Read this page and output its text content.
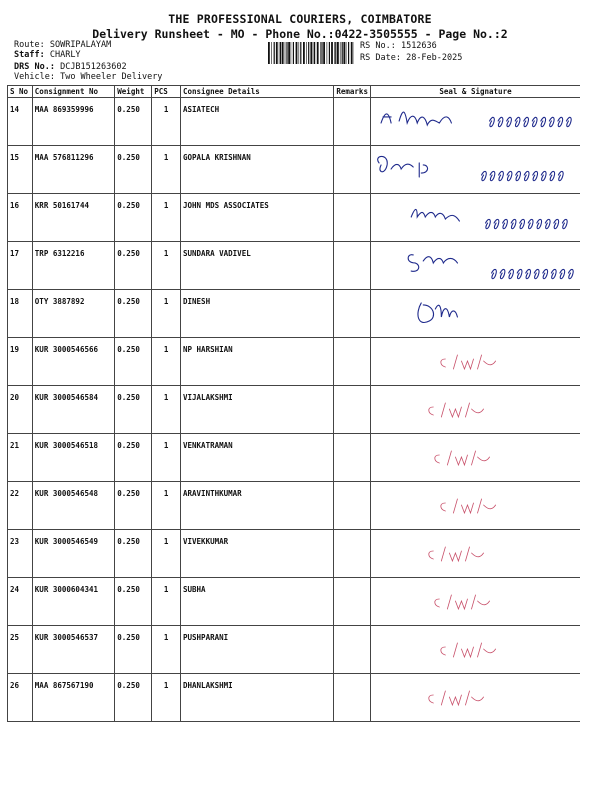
THE PROFESSIONAL COURIERS, COIMBATORE
Delivery Runsheet - MO - Phone No.:0422-3505555 - Page No.:2
Route: SOWRIPALAYAM
Staff: CHARLY
DRS No.: DCJB151263602
Vehicle: Two Wheeler Delivery
RS No.: 1512636
RS Date: 28-Feb-2025
S No	Consignment No	Weight	PCS	Consignee Details	Remarks	Seal & Signature
14	MAA 869359996	0.250	1	ASIATECH		

15	MAA 576811296	0.250	1	GOPALA KRISHNAN		

16	KRR 50161744	0.250	1	JOHN MDS ASSOCIATES		

17	TRP 6312216	0.250	1	SUNDARA VADIVEL		

18	OTY 3887892	0.250	1	DINESH		

19	KUR 3000546566	0.250	1	NP HARSHIAN		

20	KUR 3000546584	0.250	1	VIJALAKSHMI		

21	KUR 3000546518	0.250	1	VENKATRAMAN		

22	KUR 3000546548	0.250	1	ARAVINTHKUMAR		

23	KUR 3000546549	0.250	1	VIVEKKUMAR		

24	KUR 3000604341	0.250	1	SUBHA		

25	KUR 3000546537	0.250	1	PUSHPARANI		

26	MAA 867567190	0.250	1	DHANLAKSHMI		
